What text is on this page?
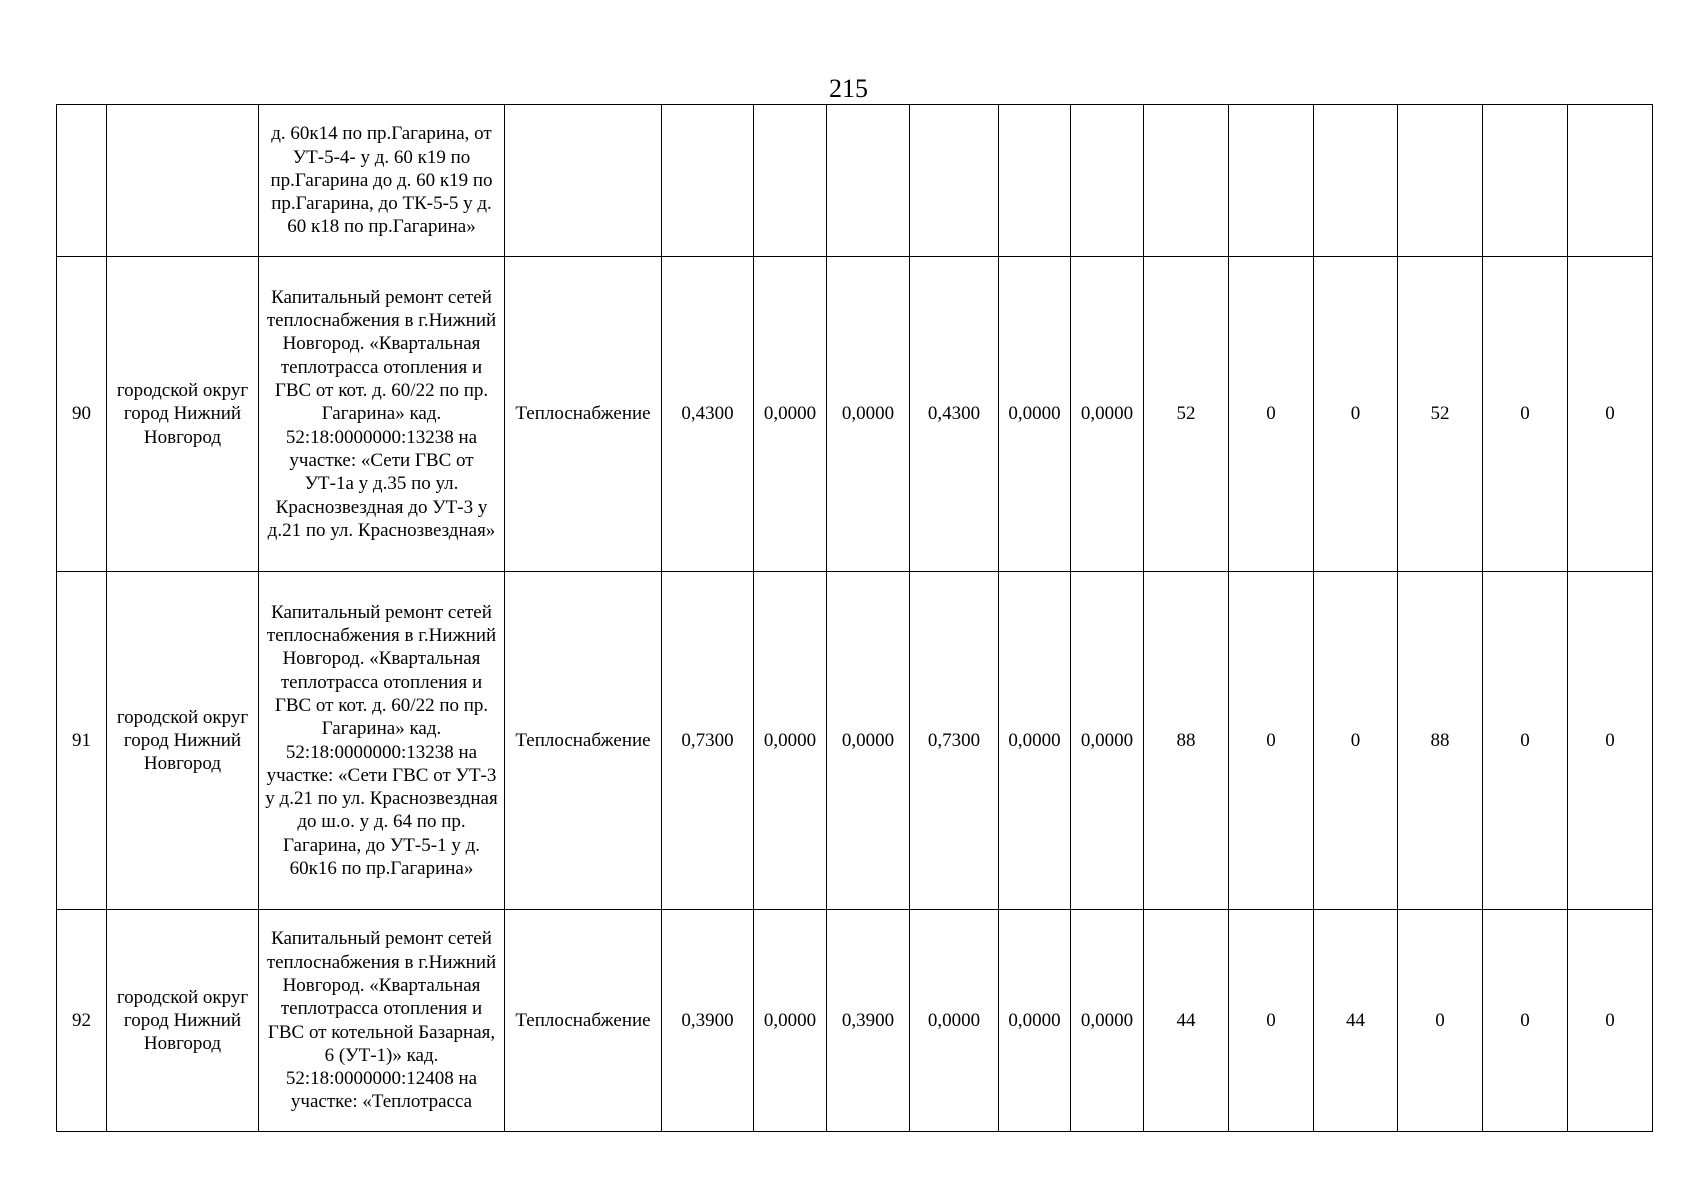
215
		д. 60к14 по пр.Гагарина, от УТ-5-4- у д. 60 к19 по пр.Гагарина до д. 60 к19 по пр.Гагарина, до ТК-5-5 у д. 60 к18 по пр.Гагарина»													
90	городской округ город Нижний Новгород	Капитальный ремонт сетей теплоснабжения в г.Нижний Новгород. «Квартальная теплотрасса отопления и ГВС от кот. д. 60/22 по пр. Гагарина» кад. 52:18:0000000:13238 на участке: «Сети ГВС от УТ-1а у д.35 по ул. Краснозвездная до УТ-3 у д.21 по ул. Краснозвездная»	Теплоснабжение	0,4300	0,0000	0,0000	0,4300	0,0000	0,0000	52	0	0	52	0	0
91	городской округ город Нижний Новгород	Капитальный ремонт сетей теплоснабжения в г.Нижний Новгород. «Квартальная теплотрасса отопления и ГВС от кот. д. 60/22 по пр. Гагарина» кад. 52:18:0000000:13238 на участке: «Сети ГВС от УТ-3 у д.21 по ул. Краснозвездная до ш.о. у д. 64 по пр. Гагарина, до УТ-5-1 у д. 60к16 по пр.Гагарина»	Теплоснабжение	0,7300	0,0000	0,0000	0,7300	0,0000	0,0000	88	0	0	88	0	0
92	городской округ город Нижний Новгород	Капитальный ремонт сетей теплоснабжения в г.Нижний Новгород. «Квартальная теплотрасса отопления и ГВС от котельной Базарная, 6 (УТ-1)» кад. 52:18:0000000:12408 на участке: «Теплотрасса	Теплоснабжение	0,3900	0,0000	0,3900	0,0000	0,0000	0,0000	44	0	44	0	0	0
